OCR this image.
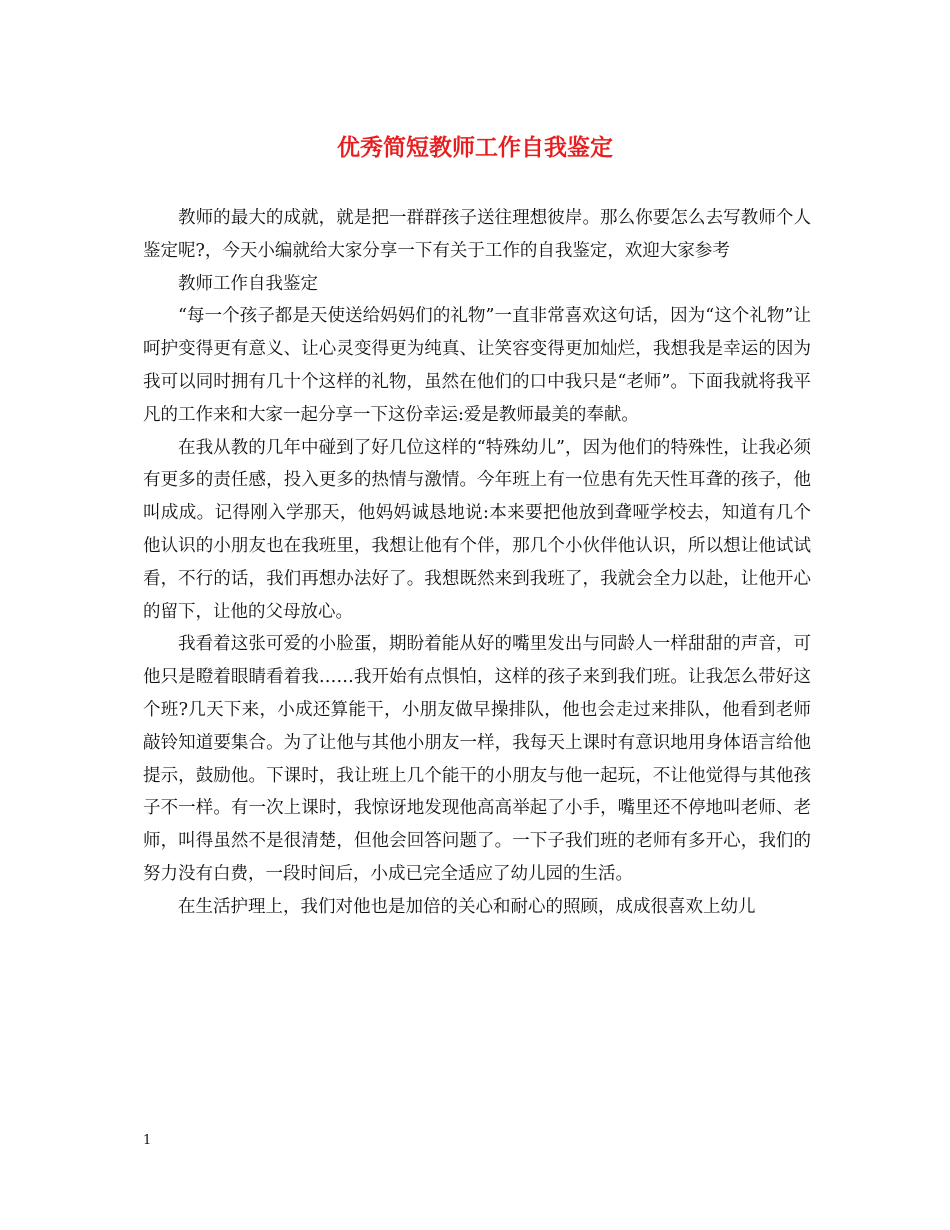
优秀简短教师工作自我鉴定

教师的最大的成就，就是把一群群孩子送往理想彼岸。那么你要怎么去写教师个人鉴定呢?，今天小编就给大家分享一下有关于工作的自我鉴定，欢迎大家参考

教师工作自我鉴定

“每一个孩子都是天使送给妈妈们的礼物”一直非常喜欢这句话，因为“这个礼物”让呵护变得更有意义、让心灵变得更为纯真、让笑容变得更加灿烂，我想我是幸运的因为我可以同时拥有几十个这样的礼物，虽然在他们的口中我只是“老师”。下面我就将我平凡的工作来和大家一起分享一下这份幸运:爱是教师最美的奉献。

在我从教的几年中碰到了好几位这样的“特殊幼儿”，因为他们的特殊性，让我必须有更多的责任感，投入更多的热情与激情。今年班上有一位患有先天性耳聋的孩子，他叫成成。记得刚入学那天，他妈妈诚恳地说:本来要把他放到聋哑学校去，知道有几个他认识的小朋友也在我班里，我想让他有个伴，那几个小伙伴他认识，所以想让他试试看，不行的话，我们再想办法好了。我想既然来到我班了，我就会全力以赴，让他开心的留下，让他的父母放心。

我看着这张可爱的小脸蛋，期盼着能从好的嘴里发出与同龄人一样甜甜的声音，可他只是瞪着眼睛看着我……我开始有点惧怕，这样的孩子来到我们班。让我怎么带好这个班?几天下来，小成还算能干，小朋友做早操排队，他也会走过来排队，他看到老师敲铃知道要集合。为了让他与其他小朋友一样，我每天上课时有意识地用身体语言给他提示，鼓励他。下课时，我让班上几个能干的小朋友与他一起玩，不让他觉得与其他孩子不一样。有一次上课时，我惊讶地发现他高高举起了小手，嘴里还不停地叫老师、老师，叫得虽然不是很清楚，但他会回答问题了。一下子我们班的老师有多开心，我们的努力没有白费，一段时间后，小成已完全适应了幼儿园的生活。

在生活护理上，我们对他也是加倍的关心和耐心的照顾，成成很喜欢上幼儿

1
